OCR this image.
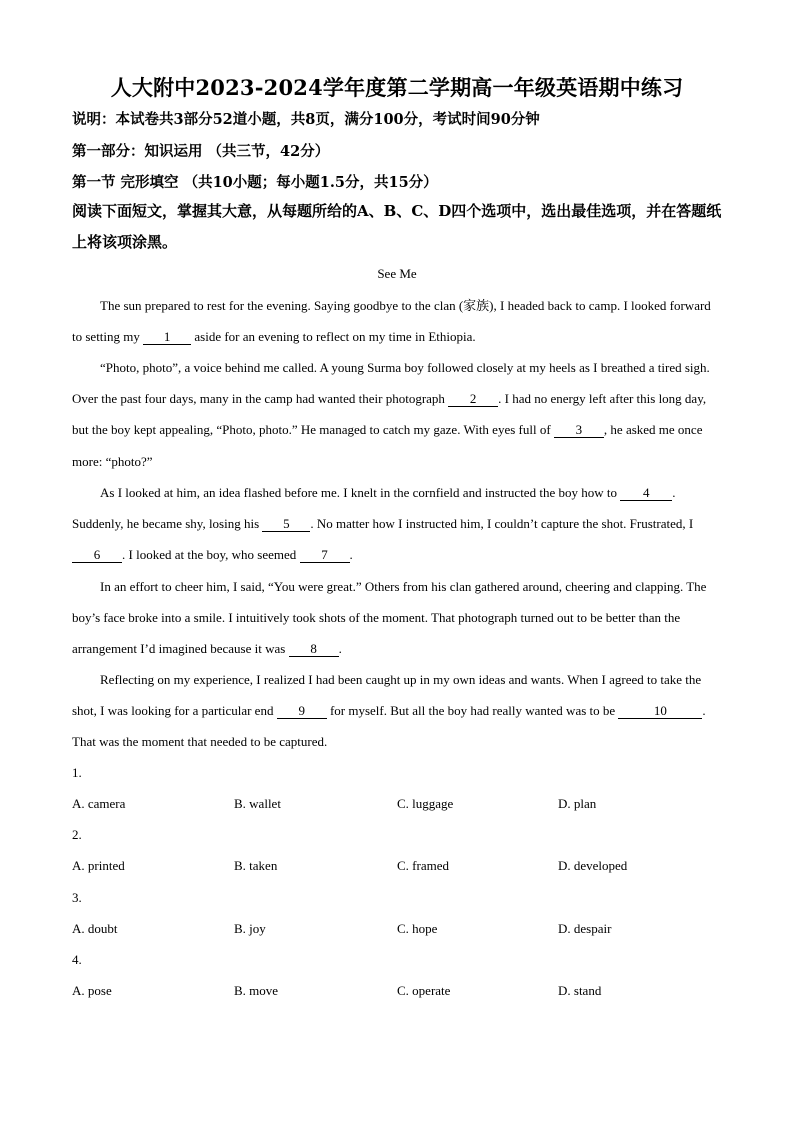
人大附中2023-2024学年度第二学期高一年级英语期中练习
说明：本试卷共3部分52道小题，共8页，满分100分，考试时间90分钟
第一部分：知识运用 （共三节，42分）
第一节 完形填空 （共10小题；每小题1.5分，共15分）
阅读下面短文，掌握其大意，从每题所给的A、B、C、D四个选项中，选出最佳选项，并在答题纸上将该项涂黑。
See Me
The sun prepared to rest for the evening. Saying goodbye to the clan (家族), I headed back to camp. I looked forward to setting my 1 aside for an evening to reflect on my time in Ethiopia.
“Photo, photo”, a voice behind me called. A young Surma boy followed closely at my heels as I breathed a tired sigh. Over the past four days, many in the camp had wanted their photograph 2 . I had no energy left after this long day, but the boy kept appealing, “Photo, photo.” He managed to catch my gaze. With eyes full of 3 , he asked me once more: “photo?”
As I looked at him, an idea flashed before me. I knelt in the cornfield and instructed the boy how to 4 . Suddenly, he became shy, losing his 5 . No matter how I instructed him, I couldn’t capture the shot. Frustrated, I 6 . I looked at the boy, who seemed 7 .
In an effort to cheer him, I said, “You were great.” Others from his clan gathered around, cheering and clapping. The boy’s face broke into a smile. I intuitively took shots of the moment. That photograph turned out to be better than the arrangement I’d imagined because it was 8 .
Reflecting on my experience, I realized I had been caught up in my own ideas and wants. When I agreed to take the shot, I was looking for a particular end 9 for myself. But all the boy had really wanted was to be	10	. That was the moment that needed to be captured.
1.
A. camera	B. wallet	C. luggage	D. plan
2.
A. printed	B. taken	C. framed	D. developed
3.
A. doubt	B. joy	C. hope	D. despair
4.
A. pose	B. move	C. operate	D. stand
